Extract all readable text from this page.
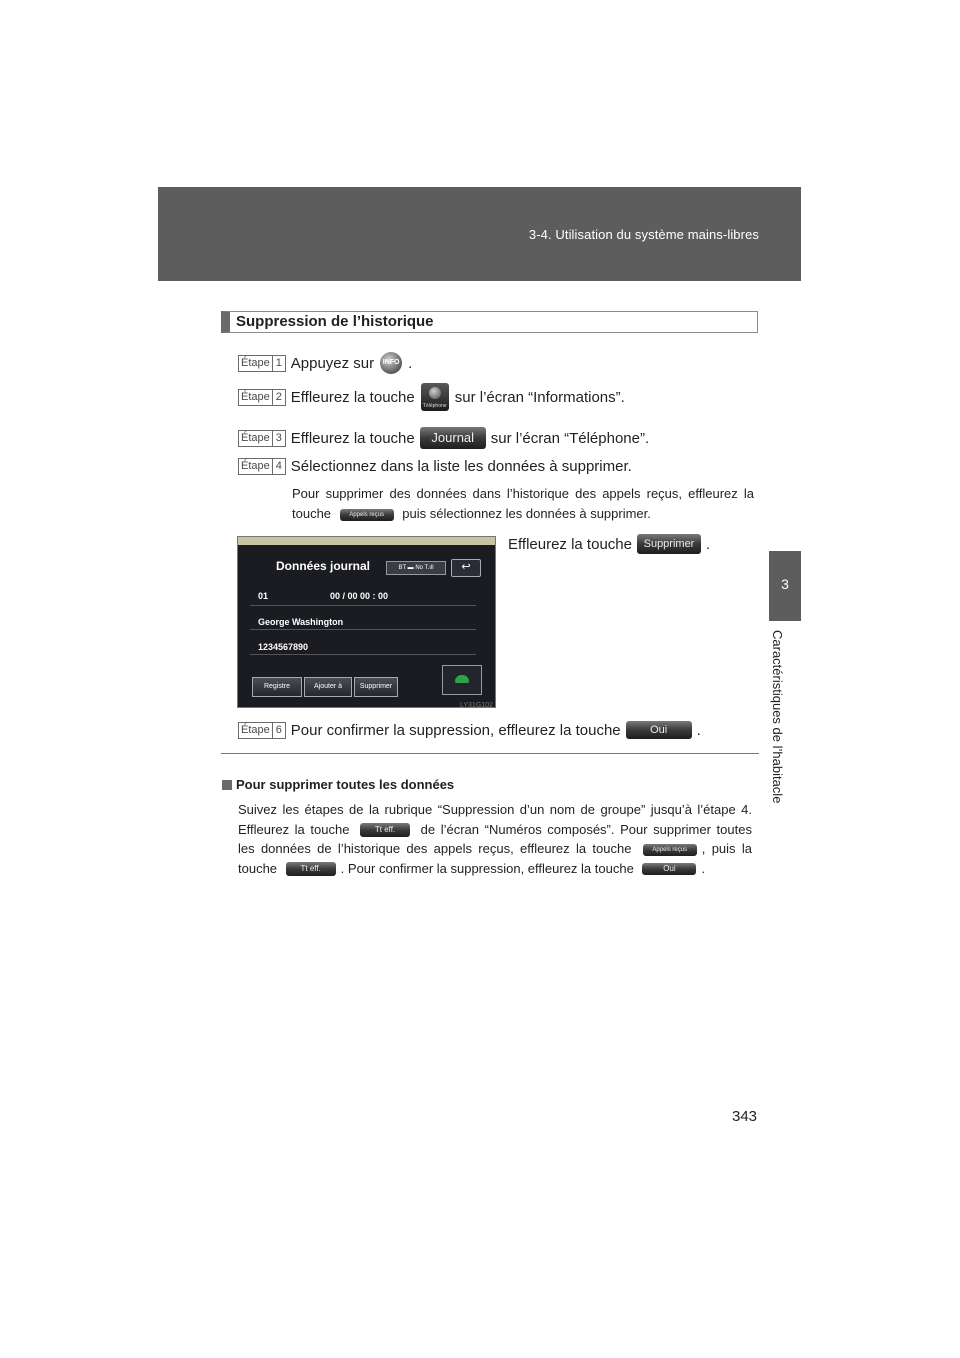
3-4. Utilisation du système mains-libres
3
Caractéristiques de l’habitacle
Suppression de l’historique
Étape 1 Appuyez sur	INFO .
Étape 2 Effleurez la touche
Téléphone
sur l’écran “Informations”.
Étape 3 Effleurez la touche	Journal	sur l’écran “Téléphone”.
Étape 4 Sélectionnez dans la liste les données à supprimer.
Pour supprimer des données dans l’historique des appels reçus, effleurez la touche	Appels reçus puis sélectionnez les données à supprimer.
Données journal	BT ▬ No T.ıll	↩
01	00 / 00 00 : 00
George Washington
1234567890
Registre	Ajouter à	Supprimer
LY31G102
Effleurez la touche	Supprimer .
Étape 6 Pour confirmer la suppression, effleurez la touche	Oui	.
Pour supprimer toutes les données
Suivez les étapes de la rubrique “Suppression d’un nom de groupe” jusqu’à l’étape 4. Effleurez la touche	Tt eff. de l’écran “Numéros composés”. Pour supprimer toutes les données de l’historique des appels reçus, effleurez la touche	Appels reçus , puis la touche	Tt eff. . Pour confirmer la suppression, effleurez la touche	Oui .
343
